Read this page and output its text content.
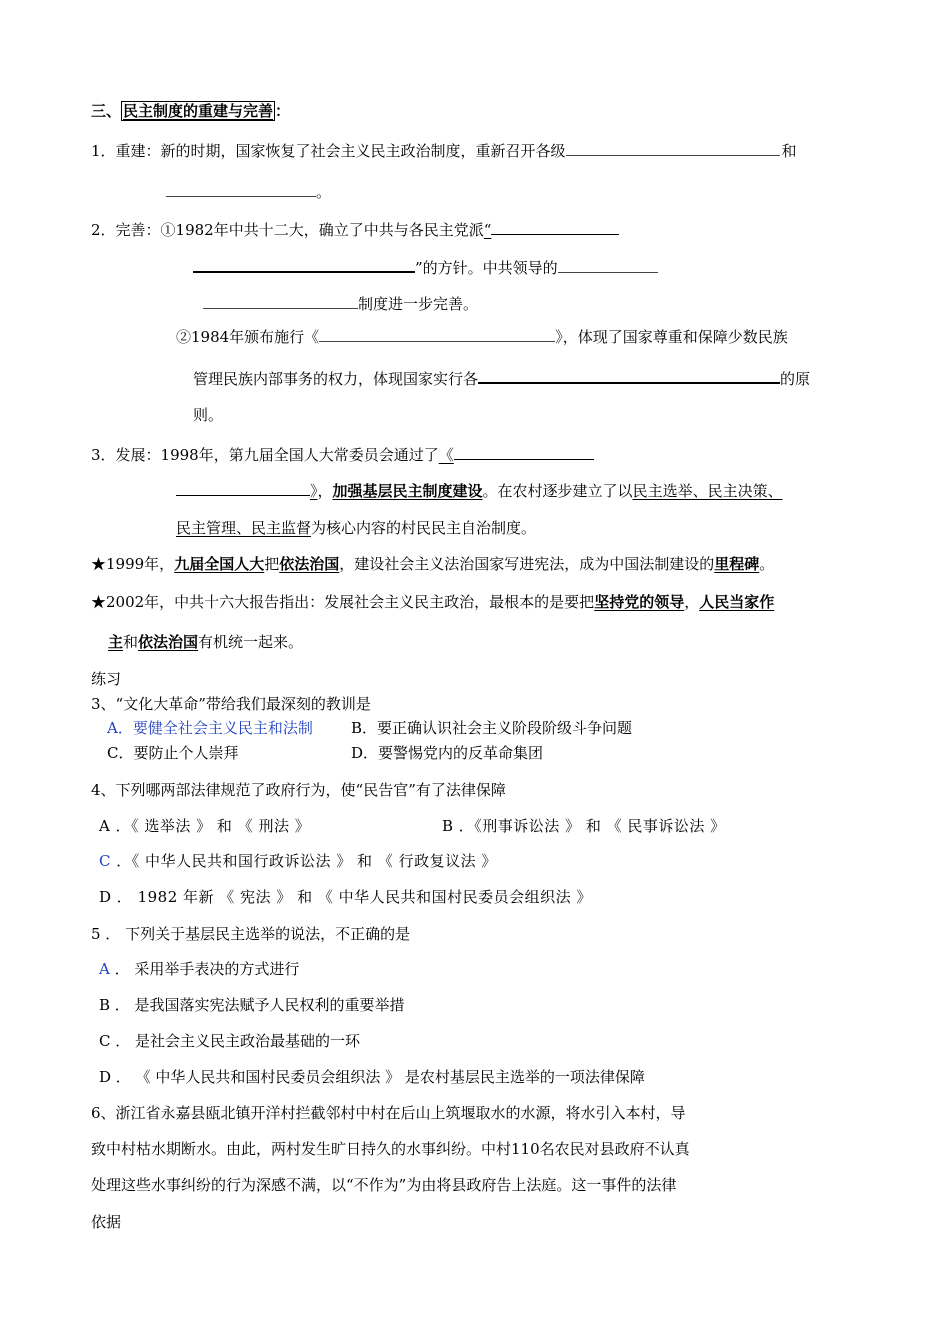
三、 民主制度的重建与完善 ：
1．重建：新的时期，国家恢复了社会主义民主政治制度，重新召开各级	和
。
2．完善：①1982年中共十二大，确立了中共与各民主党派“
”的方针。中共领导的
制度进一步完善。
②1984年颁布施行《	》，体现了国家尊重和保障少数民族
管理民族内部事务的权力，体现国家实行各	的原
则。
3．发展：1998年，第九届全国人大常委员会通过了《
》，加强基层民主制度建设。在农村逐步建立了以民主选举、民主决策、
民主管理、民主监督为核心内容的村民民主自治制度。
★1999年，九届全国人大把依法治国，建设社会主义法治国家写进宪法，成为中国法制建设的里程碑。
★2002年，中共十六大报告指出：发展社会主义民主政治，最根本的是要把坚持党的领导，人民当家作
主和依法治国有机统一起来。
练习
3、“文化大革命”带给我们最深刻的教训是
A．要健全社会主义民主和法制	B．要正确认识社会主义阶段阶级斗争问题
C．要防止个人崇拜	D．要警惕党内的反革命集团
4、下列哪两部法律规范了政府行为，使“民告官”有了法律保障
A ．《 选举法 》 和 《 刑法 》	B ．《刑事诉讼法 》 和 《 民事诉讼法 》
C ．《 中华人民共和国行政诉讼法 》 和 《 行政复议法 》
D ． 1982 年新 《 宪法 》 和 《 中华人民共和国村民委员会组织法 》
5 ． 下列关于基层民主选举的说法，不正确的是
A ． 采用举手表决的方式进行
B ． 是我国落实宪法赋予人民权利的重要举措
C ． 是社会主义民主政治最基础的一环
D ． 《 中华人民共和国村民委员会组织法 》 是农村基层民主选举的一项法律保障
6、浙江省永嘉县瓯北镇开洋村拦截邻村中村在后山上筑堰取水的水源，将水引入本村，导
致中村枯水期断水。由此，两村发生旷日持久的水事纠纷。中村110名农民对县政府不认真
处理这些水事纠纷的行为深感不满，以“不作为”为由将县政府告上法庭。这一事件的法律
依据
